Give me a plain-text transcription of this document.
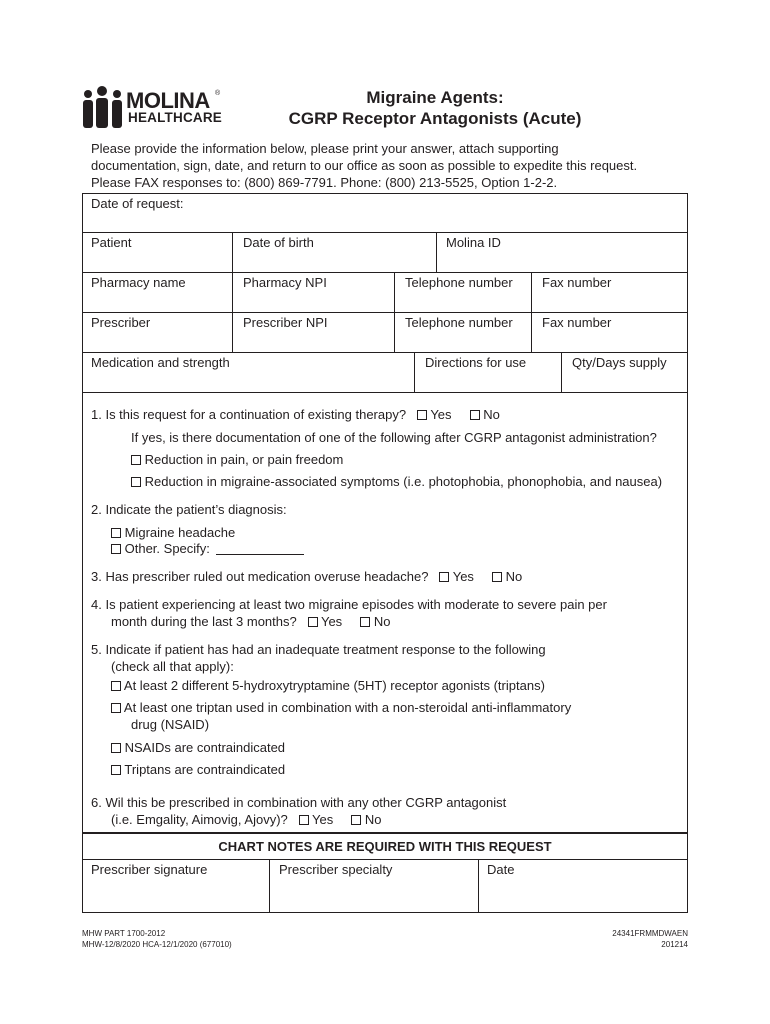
MOLINA ®
HEALTHCARE
Migraine Agents:
CGRP Receptor Antagonists (Acute)
Please provide the information below, please print your answer, attach supporting
documentation, sign, date, and return to our office as soon as possible to expedite this request.
Please FAX responses to: (800) 869-7791. Phone: (800) 213-5525, Option 1-2-2.
Date of request:
Patient	Date of birth	Molina ID
Pharmacy name	Pharmacy NPI	Telephone number Fax number
Prescriber	Prescriber NPI	Telephone number Fax number
Medication and strength	Directions for use	Qty/Days supply
1. Is this request for a continuation of existing therapy? Yes No
If yes, is there documentation of one of the following after CGRP antagonist administration?
Reduction in pain, or pain freedom
Reduction in migraine-associated symptoms (i.e. photophobia, phonophobia, and nausea)
2. Indicate the patient’s diagnosis:
Migraine headache
Other. Specify:
3. Has prescriber ruled out medication overuse headache? Yes No
4. Is patient experiencing at least two migraine episodes with moderate to severe pain per
month during the last 3 months? Yes No
5. Indicate if patient has had an inadequate treatment response to the following
(check all that apply):
At least 2 different 5-hydroxytryptamine (5HT) receptor agonists (triptans)
At least one triptan used in combination with a non-steroidal anti-inflammatory
drug (NSAID)
NSAIDs are contraindicated
Triptans are contraindicated
6. Wil this be prescribed in combination with any other CGRP antagonist
(i.e. Emgality, Aimovig, Ajovy)? Yes No
CHART NOTES ARE REQUIRED WITH THIS REQUEST
Prescriber signature	Prescriber specialty	Date
MHW PART 1700-2012
MHW-12/8/2020 HCA-12/1/2020 (677010)
24341FRMMDWAEN
201214
